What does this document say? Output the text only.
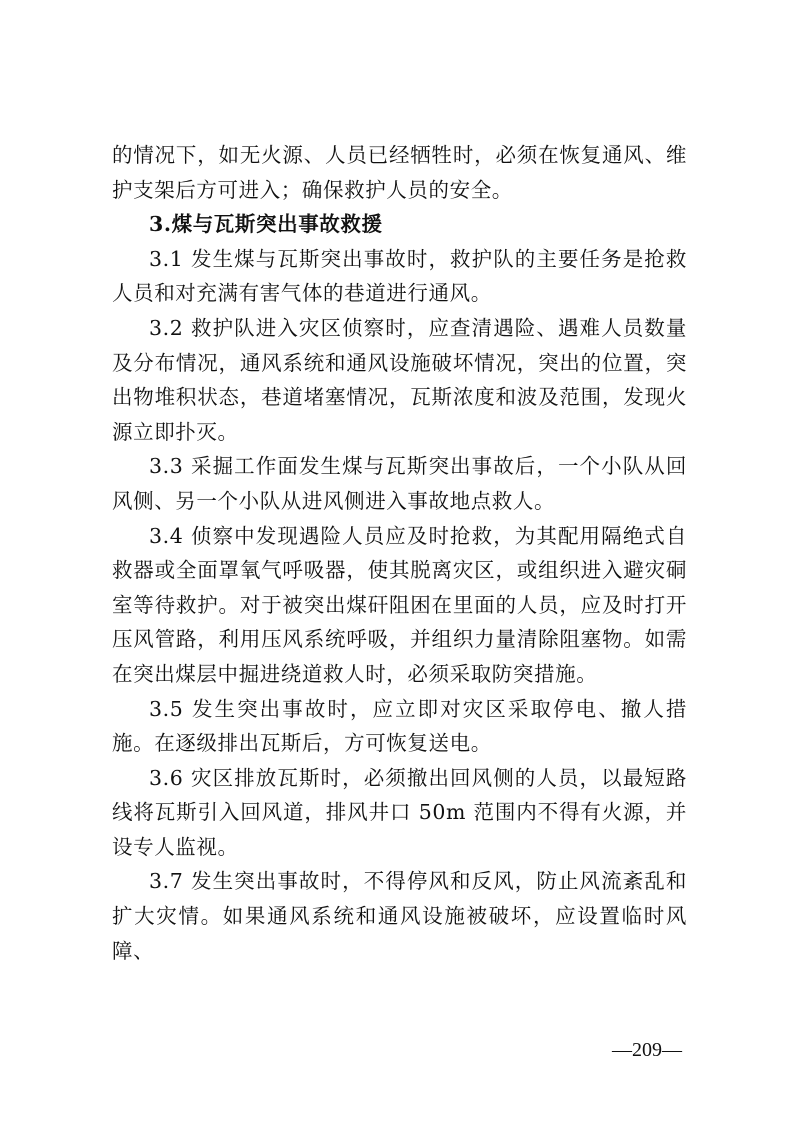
的情况下，如无火源、人员已经牺牲时，必须在恢复通风、维护支架后方可进入；确保救护人员的安全。

3.煤与瓦斯突出事故救援

3.1 发生煤与瓦斯突出事故时，救护队的主要任务是抢救人员和对充满有害气体的巷道进行通风。

3.2 救护队进入灾区侦察时，应查清遇险、遇难人员数量及分布情况，通风系统和通风设施破坏情况，突出的位置，突出物堆积状态，巷道堵塞情况，瓦斯浓度和波及范围，发现火源立即扑灭。

3.3 采掘工作面发生煤与瓦斯突出事故后，一个小队从回风侧、另一个小队从进风侧进入事故地点救人。

3.4 侦察中发现遇险人员应及时抢救，为其配用隔绝式自救器或全面罩氧气呼吸器，使其脱离灾区，或组织进入避灾硐室等待救护。对于被突出煤矸阻困在里面的人员，应及时打开压风管路，利用压风系统呼吸，并组织力量清除阻塞物。如需在突出煤层中掘进绕道救人时，必须采取防突措施。

3.5 发生突出事故时，应立即对灾区采取停电、撤人措施。在逐级排出瓦斯后，方可恢复送电。

3.6 灾区排放瓦斯时，必须撤出回风侧的人员，以最短路线将瓦斯引入回风道，排风井口 50m 范围内不得有火源，并设专人监视。

3.7 发生突出事故时，不得停风和反风，防止风流紊乱和扩大灾情。如果通风系统和通风设施被破坏，应设置临时风障、

—209—
